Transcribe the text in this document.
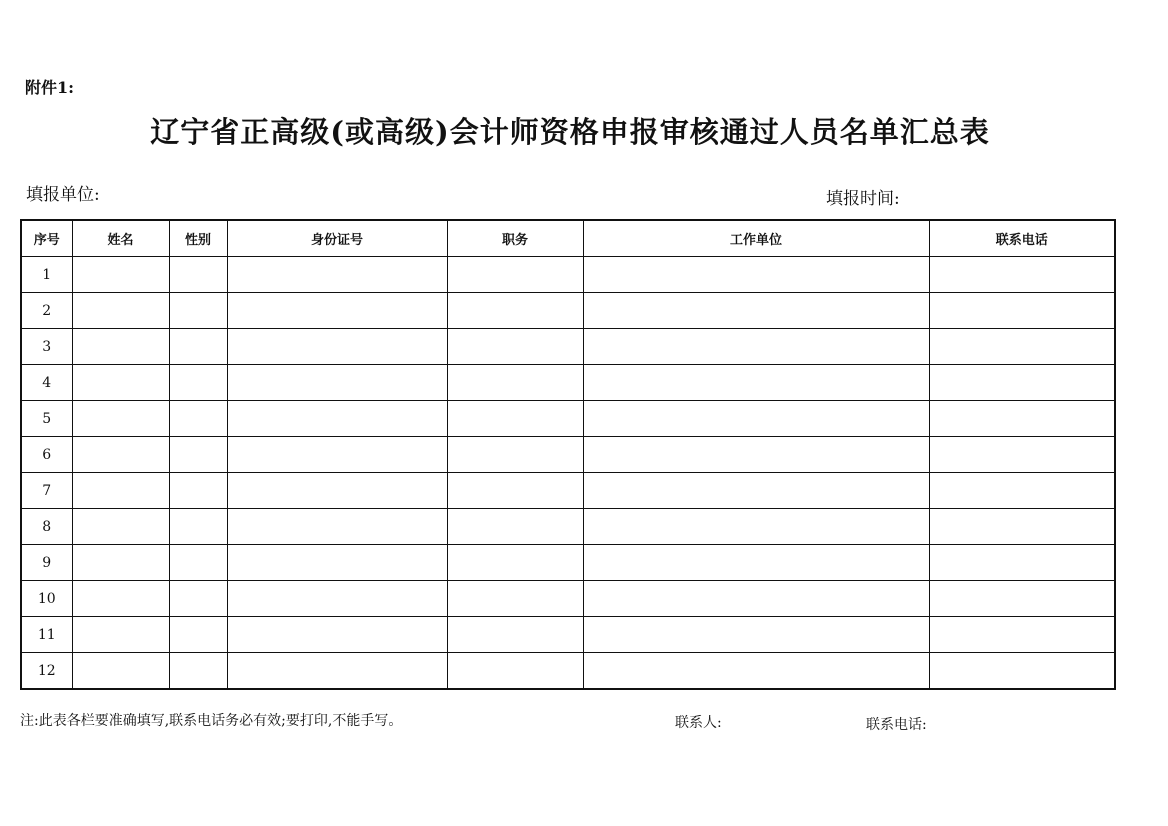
附件1:
辽宁省正高级(或高级)会计师资格申报审核通过人员名单汇总表
填报单位:	填报时间:
序号	姓名	性别	身份证号	职务	工作单位	联系电话
1						
2						
3						
4						
5						
6						
7						
8						
9						
10						
11						
12						
注:此表各栏要准确填写,联系电话务必有效;要打印,不能手写。	联系人:	联系电话:
